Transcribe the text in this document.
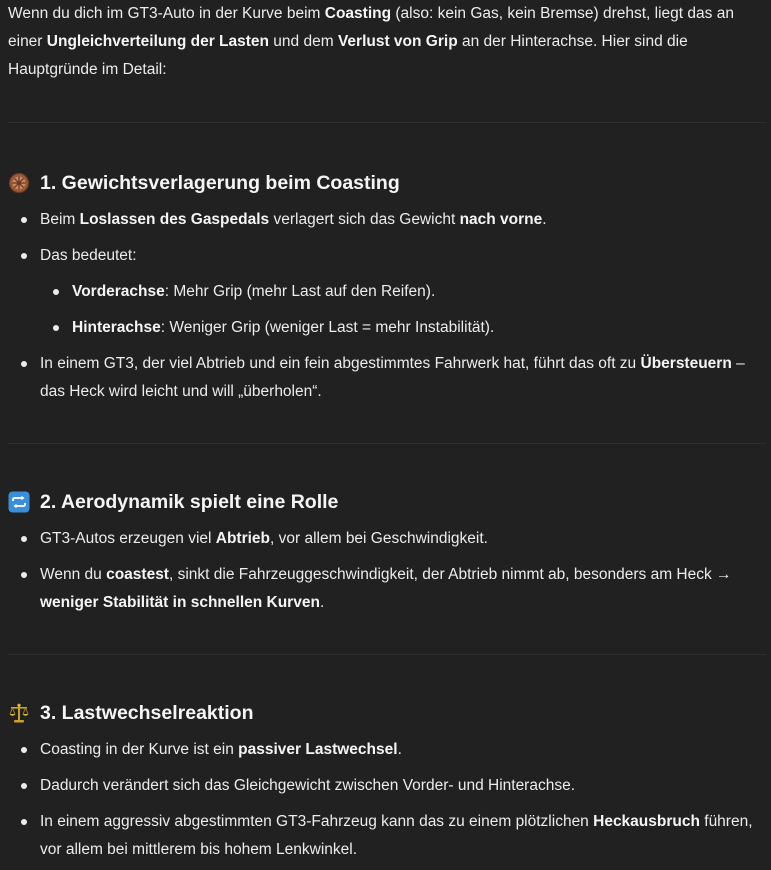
Wenn du dich im GT3-Auto in der Kurve beim Coasting (also: kein Gas, kein Bremse) drehst, liegt das an einer Ungleichverteilung der Lasten und dem Verlust von Grip an der Hinterachse. Hier sind die Hauptgründe im Detail:

1. Gewichtsverlagerung beim Coasting
Beim Loslassen des Gaspedals verlagert sich das Gewicht nach vorne.
Das bedeutet:
Vorderachse: Mehr Grip (mehr Last auf den Reifen).
Hinterachse: Weniger Grip (weniger Last = mehr Instabilität).
In einem GT3, der viel Abtrieb und ein fein abgestimmtes Fahrwerk hat, führt das oft zu Übersteuern – das Heck wird leicht und will „überholen“.
2. Aerodynamik spielt eine Rolle
GT3-Autos erzeugen viel Abtrieb, vor allem bei Geschwindigkeit.
Wenn du coastest, sinkt die Fahrzeuggeschwindigkeit, der Abtrieb nimmt ab, besonders am Heck → weniger Stabilität in schnellen Kurven.
3. Lastwechselreaktion
Coasting in der Kurve ist ein passiver Lastwechsel.
Dadurch verändert sich das Gleichgewicht zwischen Vorder- und Hinterachse.
In einem aggressiv abgestimmten GT3-Fahrzeug kann das zu einem plötzlichen Heckausbruch führen, vor allem bei mittlerem bis hohem Lenkwinkel.
